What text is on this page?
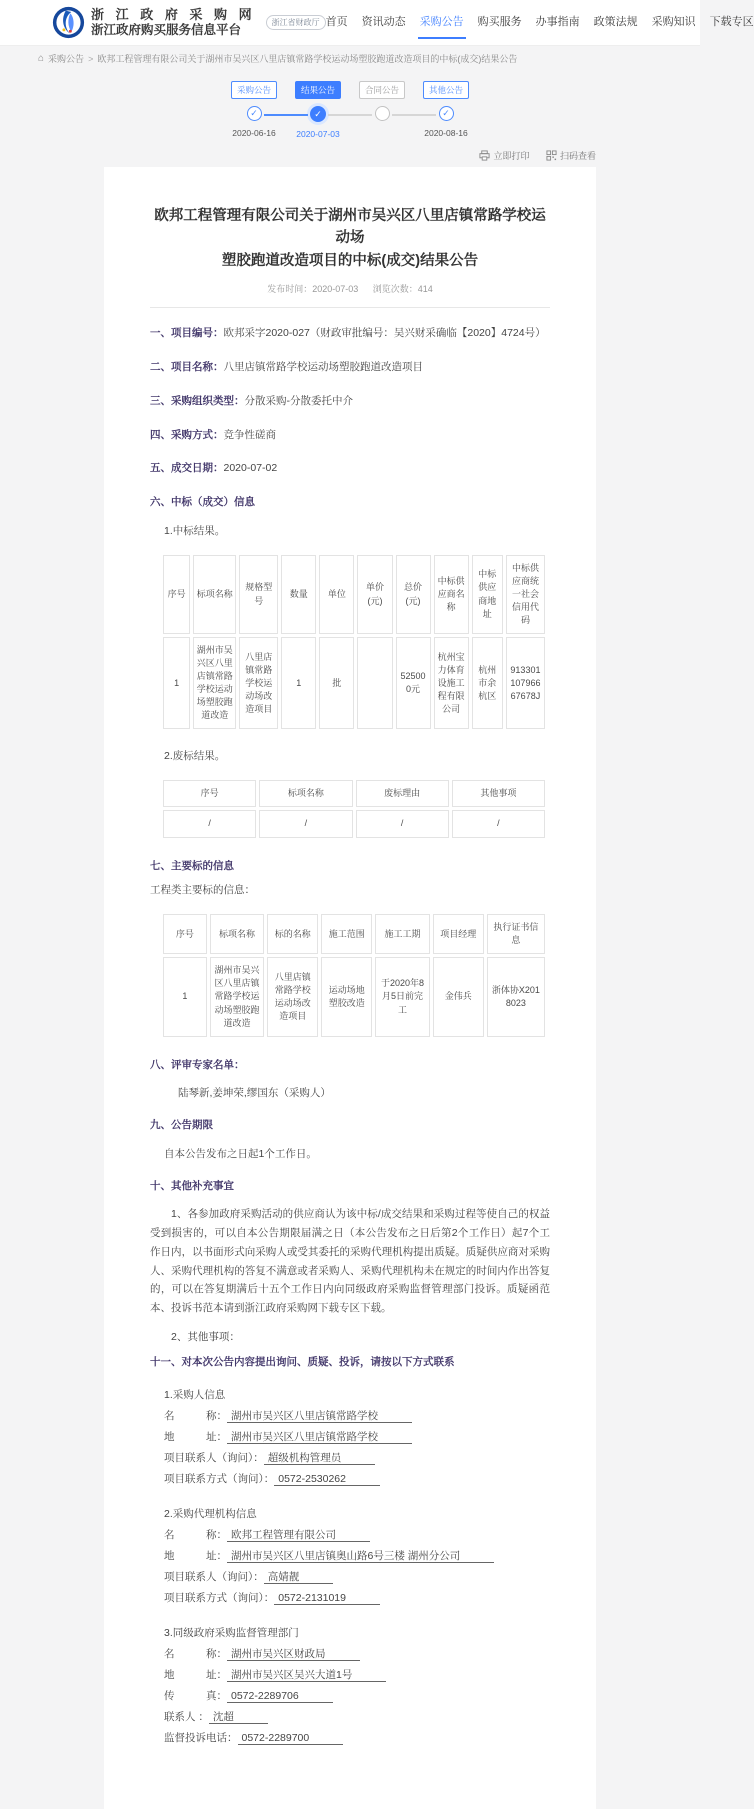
浙 江 政 府 采 购 网
浙江政府购买服务信息平台
浙江省财政厅 首页 资讯动态 采购公告 购买服务 办事指南 政策法规 采购知识 下载专区
⌂ 采购公告 > 欧邦工程管理有限公司关于湖州市吴兴区八里店镇常路学校运动场塑胶跑道改造项目的中标(成交)结果公告
采购公告
✓
2020-06-16
结果公告
✓
2020-07-03
合同公告	其他公告
✓
2020-08-16
立即打印
	扫码查看
欧邦工程管理有限公司关于湖州市吴兴区八里店镇常路学校运动场
塑胶跑道改造项目的中标(成交)结果公告
发布时间：2020-07-03 浏览次数：414
一、项目编号：欧邦采字2020-027（财政审批编号：吴兴财采确临【2020】4724号）
二、项目名称：八里店镇常路学校运动场塑胶跑道改造项目
三、采购组织类型：分散采购-分散委托中介
四、采购方式：竞争性磋商
五、成交日期：2020-07-02
六、中标（成交）信息
1.中标结果。
序号	标项名称	规格型号	数量	单位	单价(元)	总价(元)	中标供应商名称	中标供应商地址	中标供应商统一社会信用代码
1	湖州市吴兴区八里店镇常路学校运动场塑胶跑道改造	八里店镇常路学校运动场改造项目	1	批		525000元	杭州宝力体育设施工程有限公司	杭州市余杭区	91330110796667678J
2.废标结果。
序号	标项名称	废标理由	其他事项
/	/	/	/
七、主要标的信息
工程类主要标的信息：
序号	标项名称	标的名称	施工范围	施工工期	项目经理	执行证书信息
1	湖州市吴兴区八里店镇常路学校运动场塑胶跑道改造	八里店镇常路学校运动场改造项目	运动场地塑胶改造	于2020年8月5日前完工	金伟兵	浙体协X2018023
八、评审专家名单：
陆琴新,姜坤荣,缪国东（采购人）
九、公告期限
自本公告发布之日起1个工作日。
十、其他补充事宜
1、各参加政府采购活动的供应商认为该中标/成交结果和采购过程等使自己的权益受到损害的，可以自本公告期限届满之日（本公告发布之日后第2个工作日）起7个工作日内，以书面形式向采购人或受其委托的采购代理机构提出质疑。质疑供应商对采购人、采购代理机构的答复不满意或者采购人、采购代理机构未在规定的时间内作出答复的，可以在答复期满后十五个工作日内向同级政府采购监督管理部门投诉。质疑函范本、投诉书范本请到浙江政府采购网下载专区下载。
2、其他事项：
十一、对本次公告内容提出询问、质疑、投诉，请按以下方式联系
1.采购人信息
名　　　称： 湖州市吴兴区八里店镇常路学校
地　　　址： 湖州市吴兴区八里店镇常路学校
项目联系人（询问）： 超级机构管理员
项目联系方式（询问）： 0572-2530262
2.采购代理机构信息
名　　　称： 欧邦工程管理有限公司
地　　　址： 湖州市吴兴区八里店镇奥山路6号三楼 湖州分公司
项目联系人（询问）： 高婧靓
项目联系方式（询问）： 0572-2131019
3.同级政府采购监督管理部门
名　　　称： 湖州市吴兴区财政局
地　　　址： 湖州市吴兴区吴兴大道1号
传　　　真： 0572-2289706
联系人 ： 沈超
监督投诉电话： 0572-2289700
